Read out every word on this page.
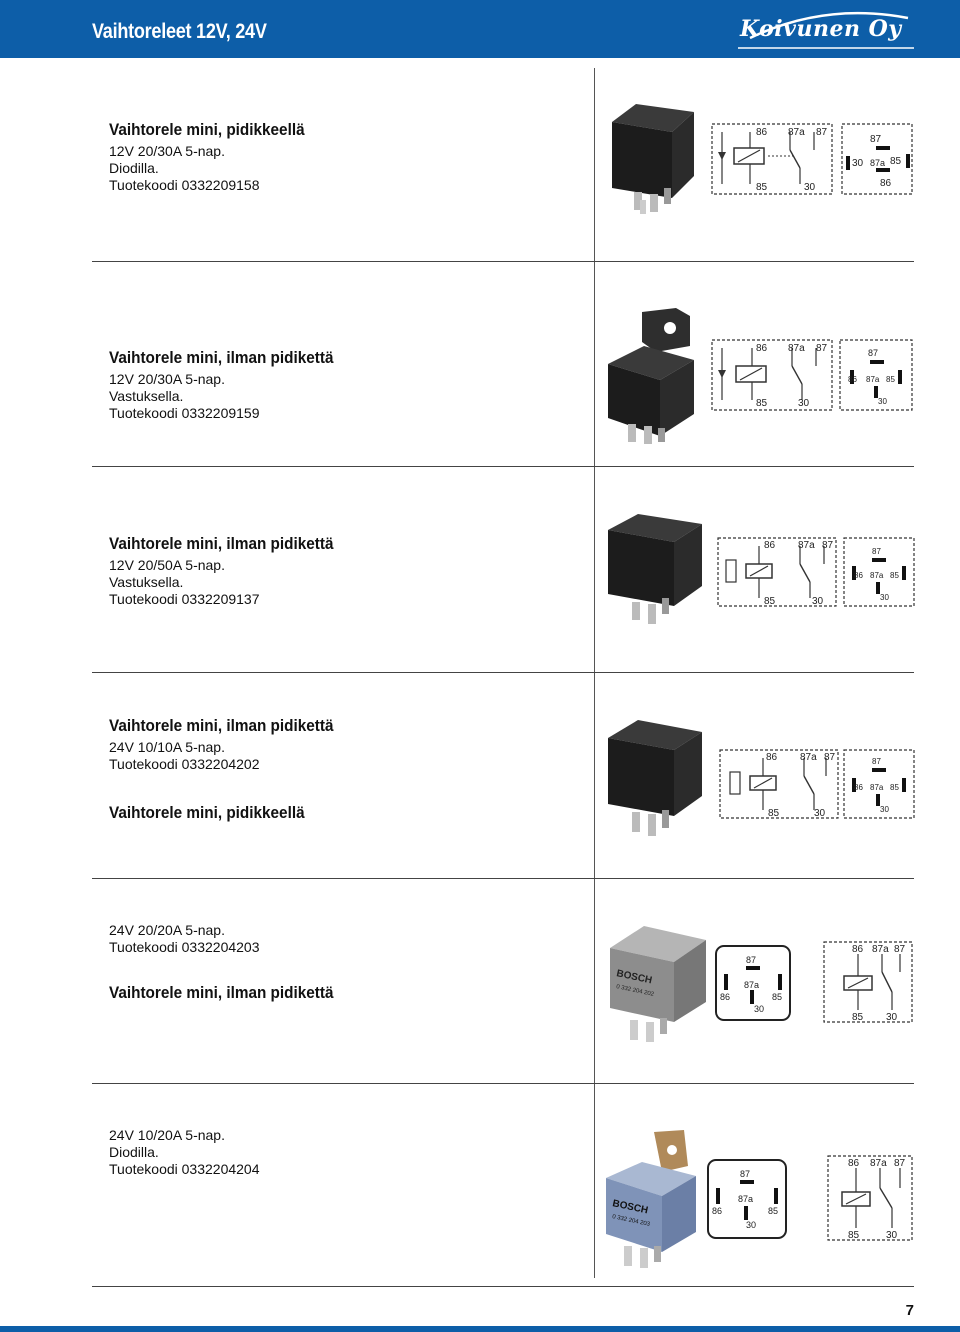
Vaihtoreleet 12V, 24V	Koivunen Oy
Vaihtorele mini, pidikkeellä
12V 20/30A 5-nap.
Diodilla.
Tuotekoodi 0332209158
Vaihtorele mini, ilman pidikettä
12V 20/30A 5-nap.
Vastuksella.
Tuotekoodi 0332209159
Vaihtorele mini, ilman pidikettä
12V 20/50A 5-nap.
Vastuksella.
Tuotekoodi 0332209137
Vaihtorele mini, ilman pidikettä
24V 10/10A 5-nap.
Tuotekoodi 0332204202
Vaihtorele mini, pidikkeellä
24V 20/20A 5-nap.
Tuotekoodi 0332204203
Vaihtorele mini, ilman pidikettä
24V 10/20A 5-nap.
Diodilla.
Tuotekoodi 0332204204
86 87a 87
85	30
87
30 87a 85
86
86 87a 87
85	30
87
86 87a 85
30
86 87a 87
85	30
87
86 87a 85
30
86 87a 87
85	30
87
86 87a 85
30
BOSCH
0 332 204 202
87
87a
86	85
30
86 87a 87
85 30
BOSCH
0 332 204 203
87
87a
86	85
30
86 87a 87
85	30
7
